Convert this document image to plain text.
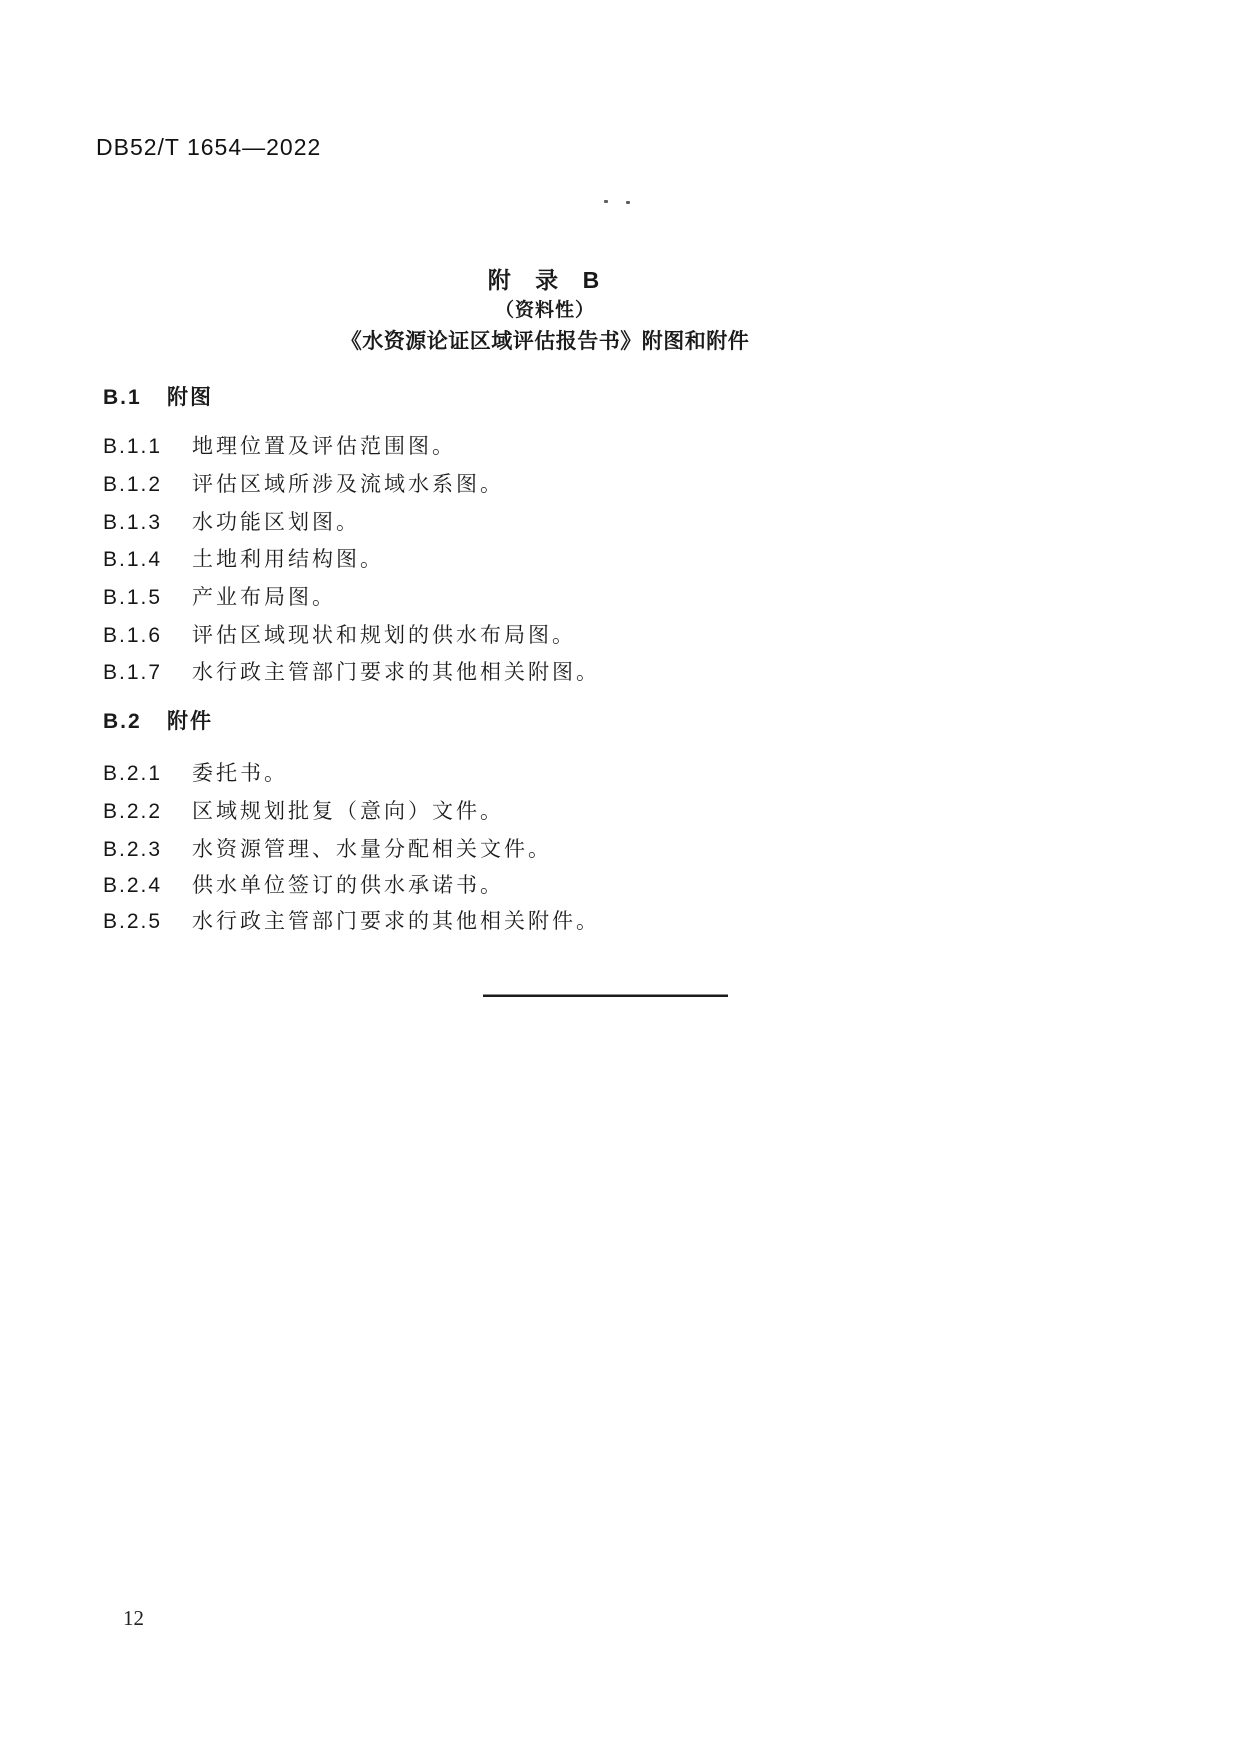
DB52/T 1654—2022
附 录 B
（资料性）
《水资源论证区域评估报告书》附图和附件
B.1 附图
B.1.1 地理位置及评估范围图。
B.1.2 评估区域所涉及流域水系图。
B.1.3 水功能区划图。
B.1.4 土地利用结构图。
B.1.5 产业布局图。
B.1.6 评估区域现状和规划的供水布局图。
B.1.7 水行政主管部门要求的其他相关附图。
B.2 附件
B.2.1 委托书。
B.2.2 区域规划批复（意向）文件。
B.2.3 水资源管理、水量分配相关文件。
B.2.4 供水单位签订的供水承诺书。
B.2.5 水行政主管部门要求的其他相关附件。
12
